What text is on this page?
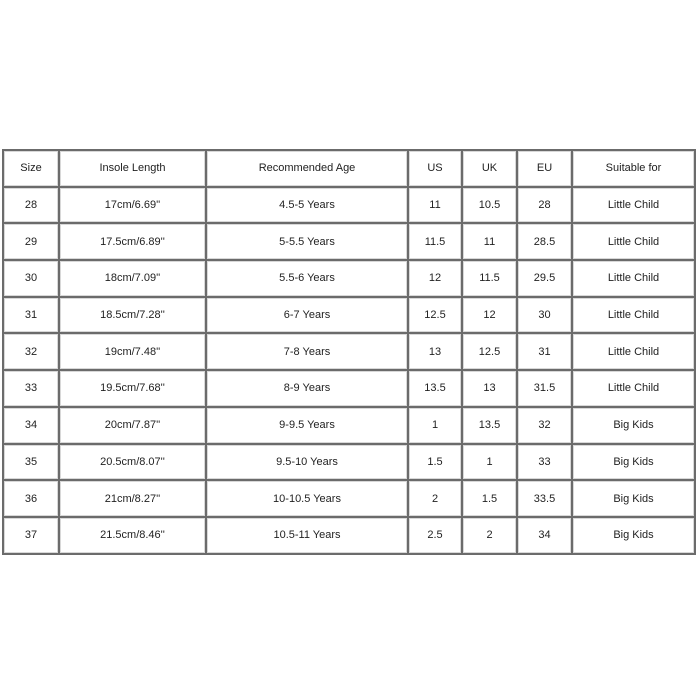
Size	Insole Length	Recommended Age	US	UK	EU	Suitable for
28	17cm/6.69''	4.5-5 Years	11	10.5	28	Little Child
29	17.5cm/6.89''	5-5.5 Years	11.5	11	28.5	Little Child
30	18cm/7.09''	5.5-6 Years	12	11.5	29.5	Little Child
31	18.5cm/7.28''	6-7 Years	12.5	12	30	Little Child
32	19cm/7.48''	7-8 Years	13	12.5	31	Little Child
33	19.5cm/7.68''	8-9 Years	13.5	13	31.5	Little Child
34	20cm/7.87''	9-9.5 Years	1	13.5	32	Big Kids
35	20.5cm/8.07''	9.5-10 Years	1.5	1	33	Big Kids
36	21cm/8.27''	10-10.5 Years	2	1.5	33.5	Big Kids
37	21.5cm/8.46''	10.5-11 Years	2.5	2	34	Big Kids
